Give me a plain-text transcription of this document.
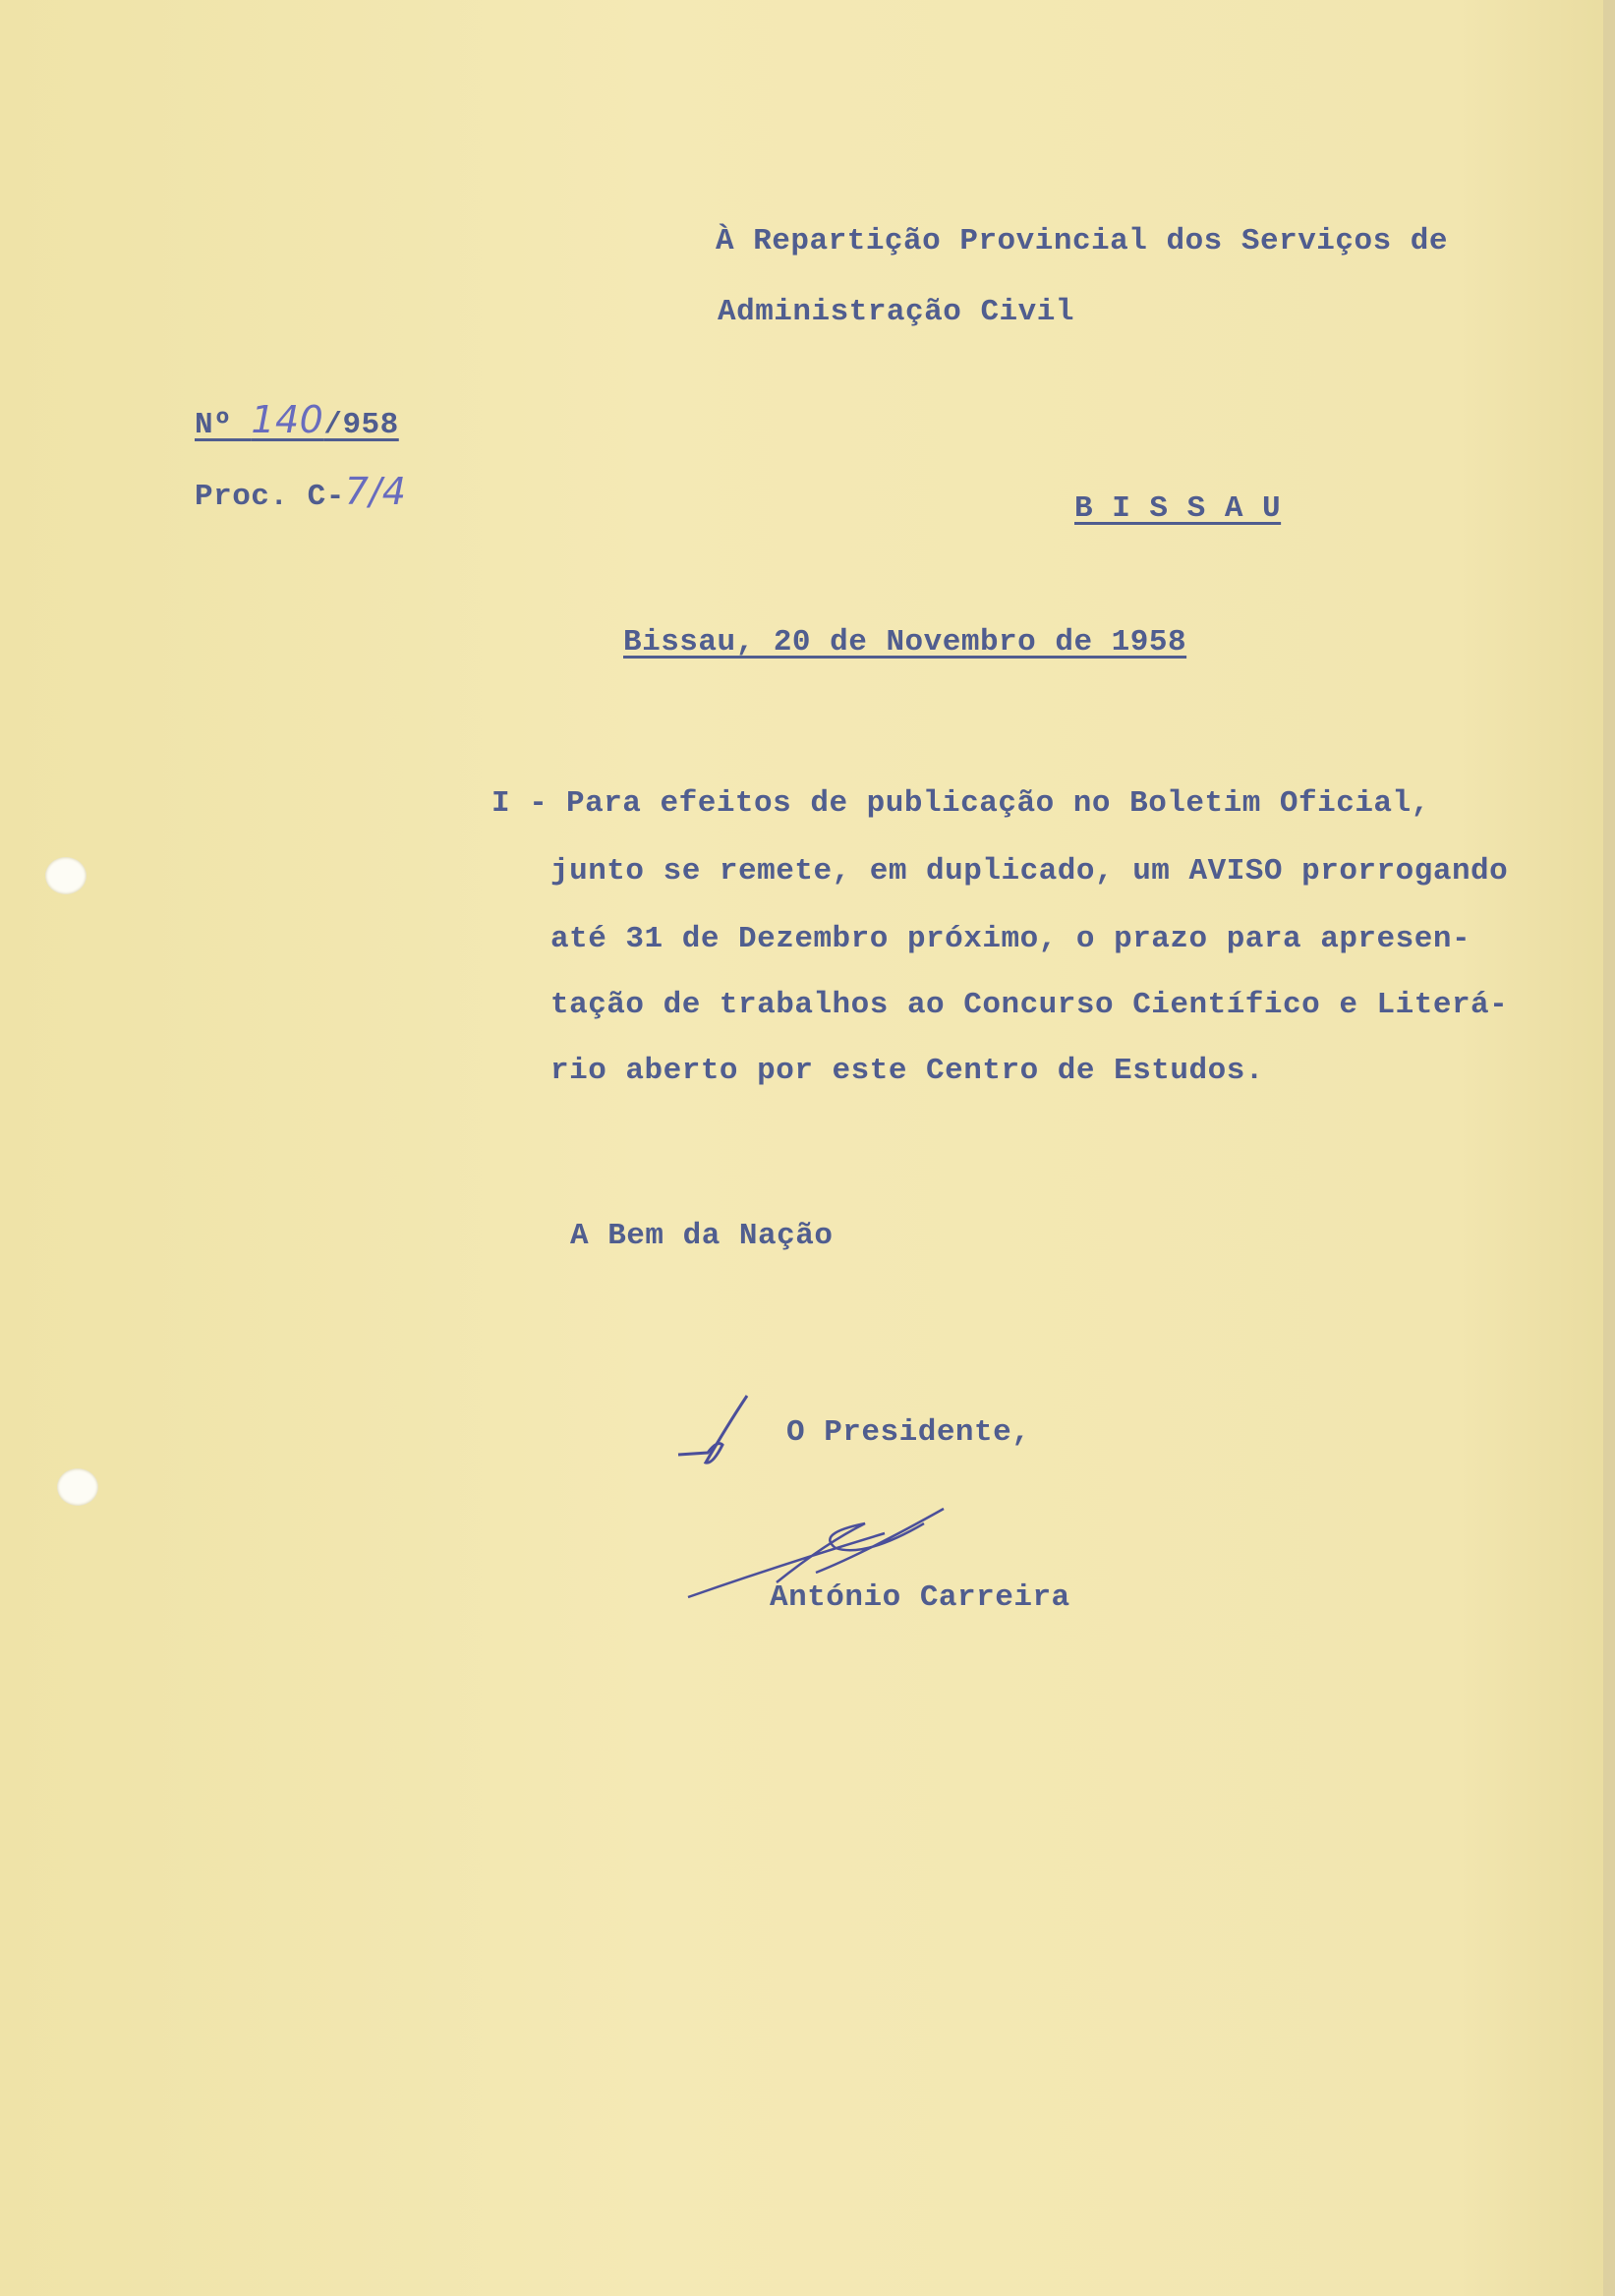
À Repartição Provincial dos Serviços de
Administração Civil
Nº 140/958
Proc. C-7/4	B I S S A U
Bissau, 20 de Novembro de 1958
I - Para efeitos de publicação no Boletim Oficial,
junto se remete, em duplicado, um AVISO prorrogando
até 31 de Dezembro próximo, o prazo para apresen-
tação de trabalhos ao Concurso Científico e Literá-
rio aberto por este Centro de Estudos.
A Bem da Nação
O Presidente,
António Carreira
